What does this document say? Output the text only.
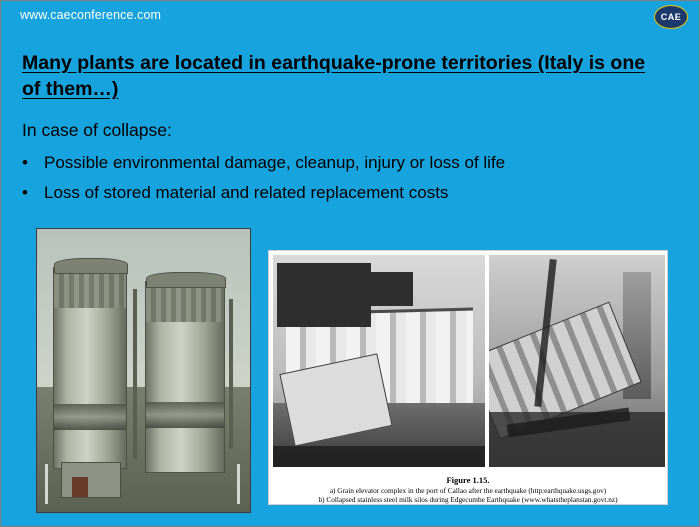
www.caeconference.com	CAE
Many plants are located in earthquake-prone territories (Italy is one of them…)
In case of collapse:
• Possible environmental damage, cleanup, injury or loss of life
• Loss of stored material and related replacement costs
Figure 1.15.
a) Grain elevator complex in the port of Callao after the earthquake (http:earthquake.usgs.gov)
b) Collapsed stainless steel milk silos during Edgecumbe Earthquake (www.whatstheplanstan.govt.nz)
